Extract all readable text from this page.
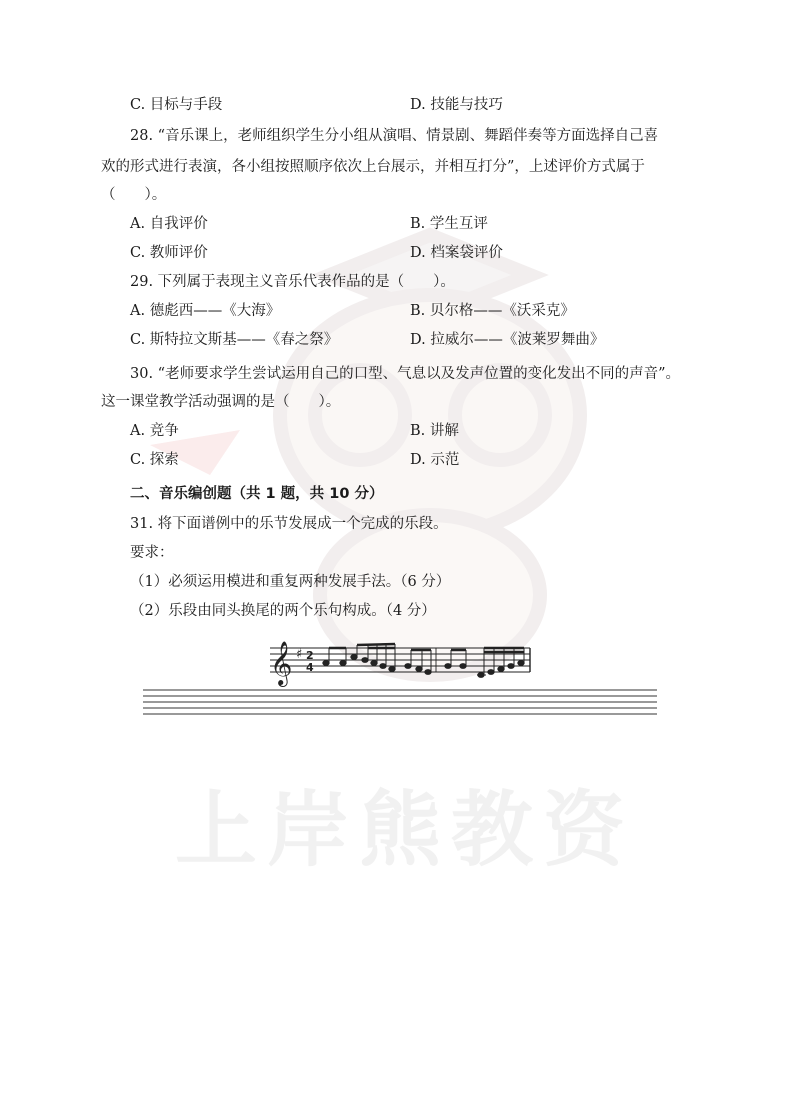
上岸熊教资
C. 目标与手段	D. 技能与技巧
28. “音乐课上，老师组织学生分小组从演唱、情景剧、舞蹈伴奏等方面选择自己喜
欢的形式进行表演，各小组按照顺序依次上台展示，并相互打分”，上述评价方式属于
（　　）。
A. 自我评价	B. 学生互评
C. 教师评价	D. 档案袋评价
29. 下列属于表现主义音乐代表作品的是（　　）。
A. 德彪西——《大海》	B. 贝尔格——《沃采克》
C. 斯特拉文斯基——《春之祭》	D. 拉威尔——《波莱罗舞曲》
30. “老师要求学生尝试运用自己的口型、气息以及发声位置的变化发出不同的声音”。
这一课堂教学活动强调的是（　　）。
A. 竞争	B. 讲解
C. 探索	D. 示范
二、音乐编创题（共 1 题，共 10 分）
31. 将下面谱例中的乐节发展成一个完成的乐段。
要求：
（1）必须运用模进和重复两种发展手法。（6 分）
（2）乐段由同头换尾的两个乐句构成。（4 分）
𝄞 ♯ 2
4
